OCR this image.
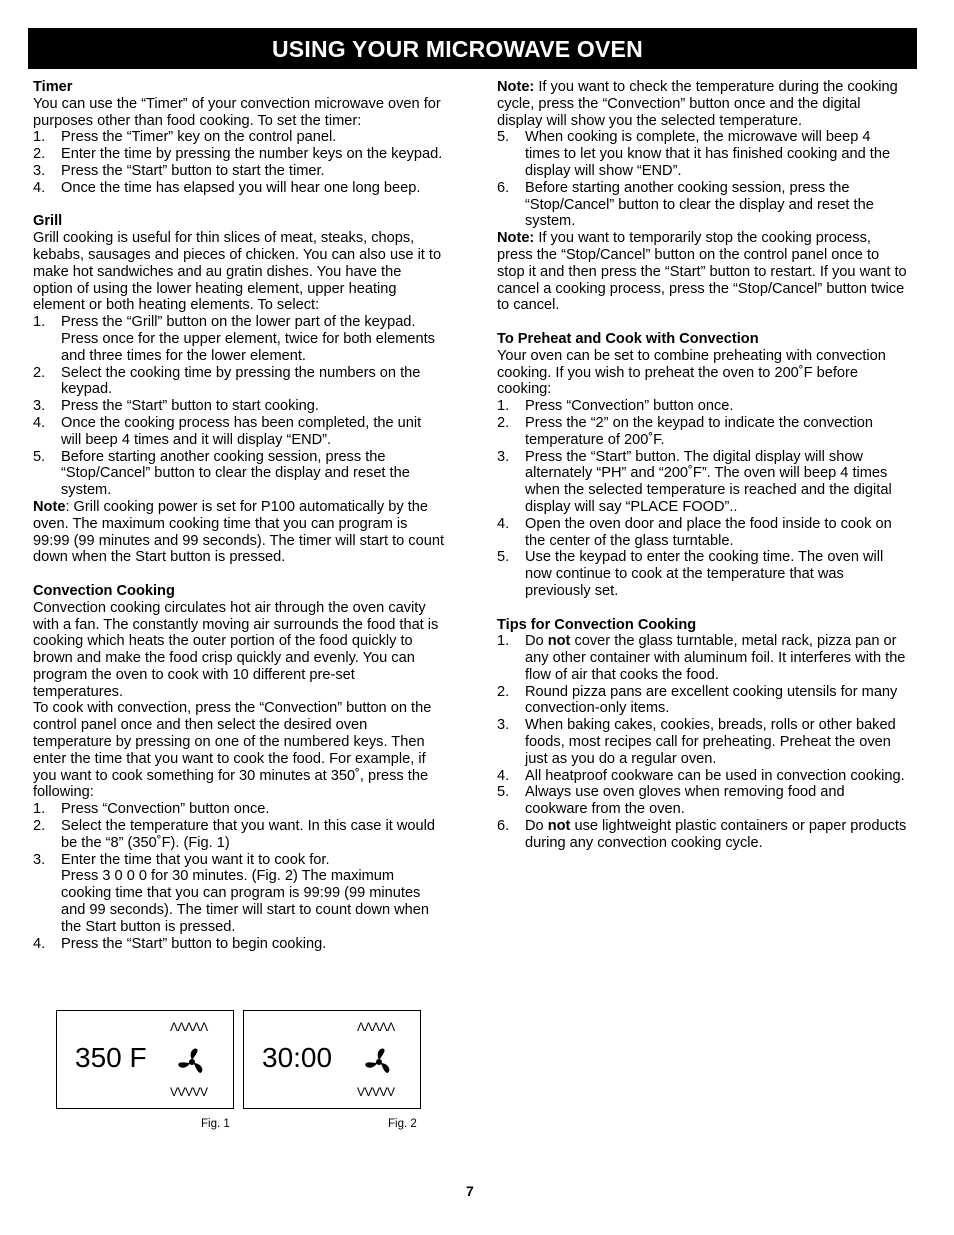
USING YOUR MICROWAVE OVEN
Timer

You can use the “Timer” of your convection microwave oven for purposes other than food cooking. To set the timer:

1. Press the “Timer” key on the control panel.
2. Enter the time by pressing the number keys on the keypad.
3. Press the “Start” button to start the timer.
4. Once the time has elapsed you will hear one long beep.
Grill

Grill cooking is useful for thin slices of meat, steaks, chops, kebabs, sausages and pieces of chicken. You can also use it to make hot sandwiches and au gratin dishes. You have the option of using the lower heating element, upper heating element or both heating elements. To select:

1. Press the “Grill” button on the lower part of the keypad. Press once for the upper element, twice for both elements and three times for the lower element.
2. Select the cooking time by pressing the numbers on the keypad.
3. Press the “Start” button to start cooking.
4. Once the cooking process has been completed, the unit will beep 4 times and it will display “END”.
5. Before starting another cooking session, press the “Stop/Cancel” button to clear the display and reset the system.

Note: Grill cooking power is set for P100 automatically by the oven. The maximum cooking time that you can program is 99:99 (99 minutes and 99 seconds). The timer will start to count down when the Start button is pressed.

Convection Cooking

Convection cooking circulates hot air through the oven cavity with a fan. The constantly moving air surrounds the food that is cooking which heats the outer portion of the food quickly to brown and make the food crisp quickly and evenly. You can program the oven to cook with 10 different pre-set temperatures.

To cook with convection, press the “Convection” button on the control panel once and then select the desired oven temperature by pressing on one of the numbered keys. Then enter the time that you want to cook the food. For example, if you want to cook something for 30 minutes at 350˚, press the following:

1. Press “Convection” button once.
2. Select the temperature that you want. In this case it would be the “8” (350˚F). (Fig. 1)
3. Enter the time that you want it to cook for.
Press 3 0 0 0 for 30 minutes. (Fig. 2) The maximum cooking time that you can program is 99:99 (99 minutes and 99 seconds). The timer will start to count down when the Start button is pressed.
4. Press the “Start” button to begin cooking.
350 F
ΛΛΛΛΛ
VVVVV
Fig. 1
30:00
ΛΛΛΛΛ
VVVVV
Fig. 2

Note: If you want to check the temperature during the cooking cycle, press the “Convection” button once and the digital display will show you the selected temperature.

5. When cooking is complete, the microwave will beep 4 times to let you know that it has finished cooking and the display will show “END”.
6. Before starting another cooking session, press the “Stop/Cancel” button to clear the display and reset the system.

Note: If you want to temporarily stop the cooking process, press the “Stop/Cancel” button on the control panel once to stop it and then press the “Start” button to restart. If you want to cancel a cooking process, press the “Stop/Cancel” button twice to cancel.

To Preheat and Cook with Convection

Your oven can be set to combine preheating with convection cooking. If you wish to preheat the oven to 200˚F before cooking:

1. Press “Convection” button once.
2. Press the “2” on the keypad to indicate the convection temperature of 200˚F.
3. Press the “Start” button. The digital display will show alternately “PH” and “200˚F”. The oven will beep 4 times when the selected temperature is reached and the digital display will say “PLACE FOOD”..
4. Open the oven door and place the food inside to cook on the center of the glass turntable.
5. Use the keypad to enter the cooking time. The oven will now continue to cook at the temperature that was previously set.
Tips for Convection Cooking
1. Do not cover the glass turntable, metal rack, pizza pan or any other container with aluminum foil. It interferes with the flow of air that cooks the food.
2. Round pizza pans are excellent cooking utensils for many convection-only items.
3. When baking cakes, cookies, breads, rolls or other baked foods, most recipes call for preheating. Preheat the oven just as you do a regular oven.
4. All heatproof cookware can be used in convection cooking.
5. Always use oven gloves when removing food and cookware from the oven.
6. Do not use lightweight plastic containers or paper products during any convection cooking cycle.
7
